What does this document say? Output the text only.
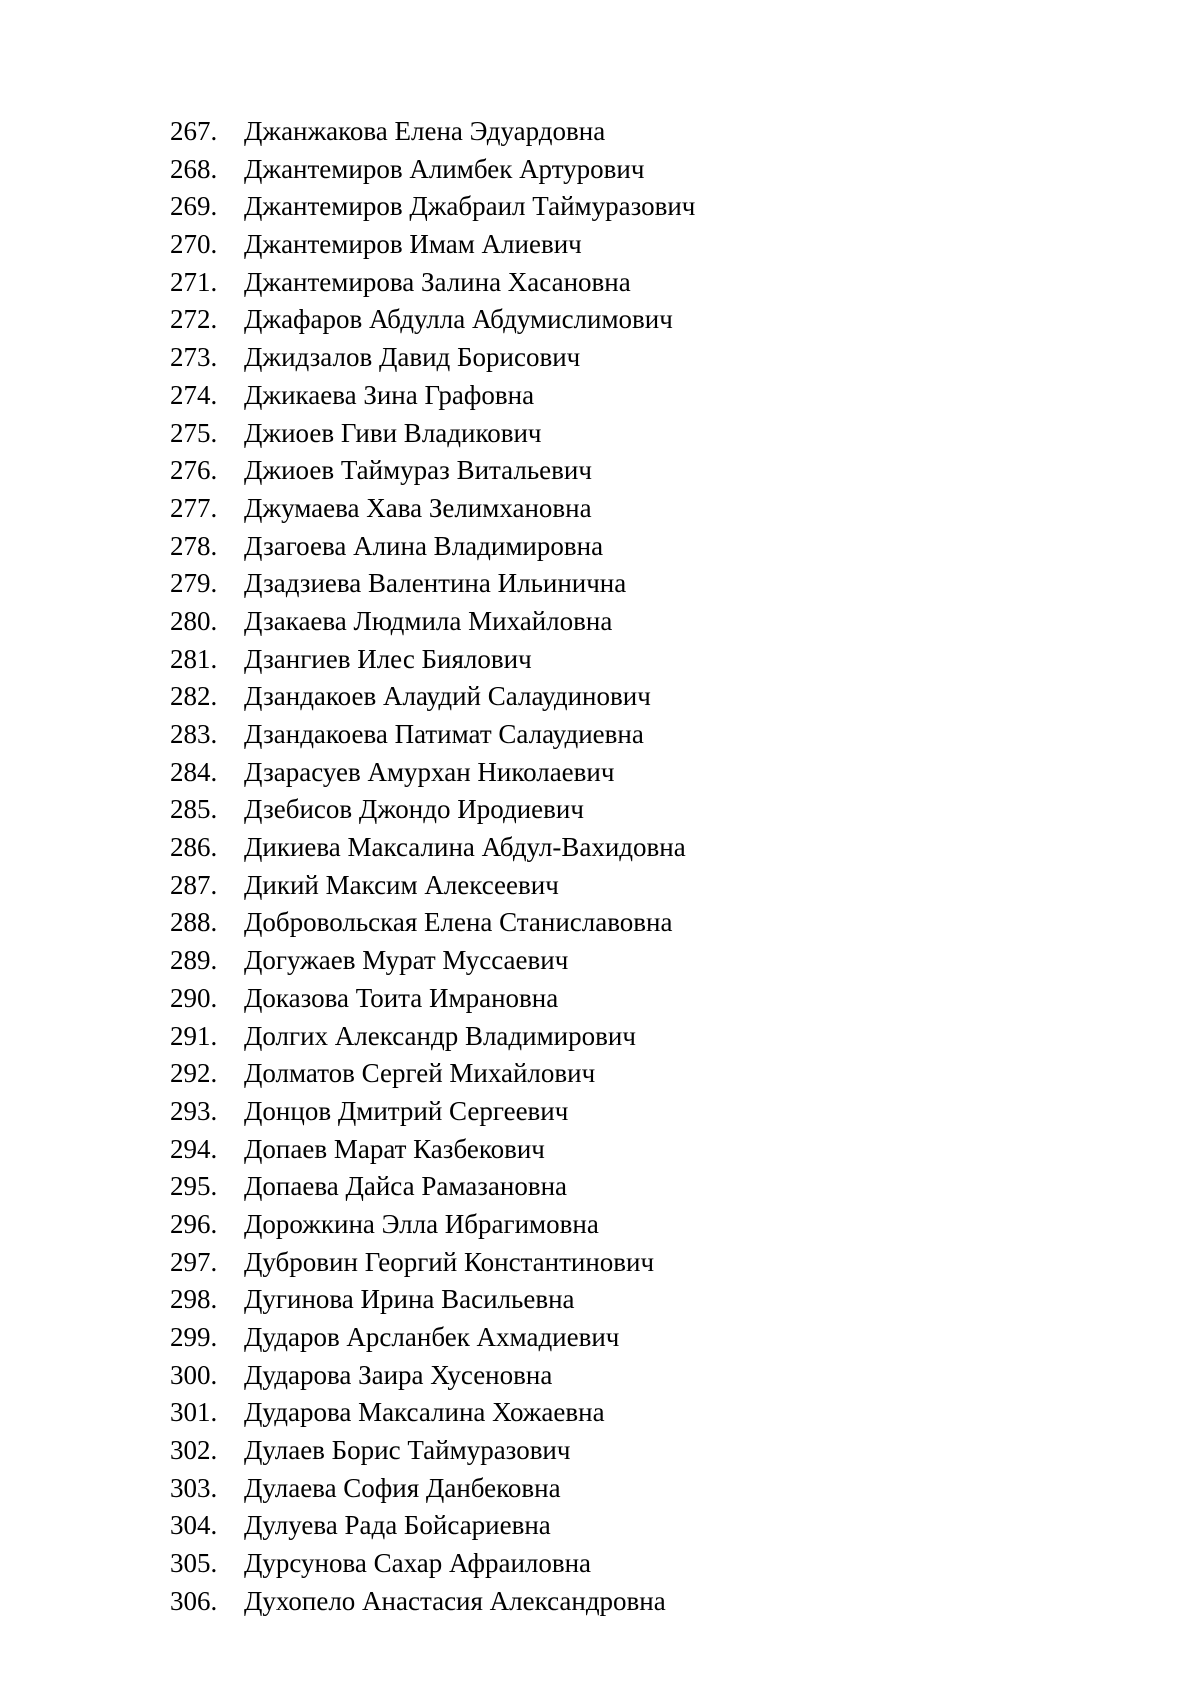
267. Джанжакова Елена Эдуардовна
268. Джантемиров Алимбек Артурович
269. Джантемиров Джабраил Таймуразович
270. Джантемиров Имам Алиевич
271. Джантемирова Залина Хасановна
272. Джафаров Абдулла Абдумислимович
273. Джидзалов Давид Борисович
274. Джикаева Зина Графовна
275. Джиоев Гиви Владикович
276. Джиоев Таймураз Витальевич
277. Джумаева Хава Зелимхановна
278. Дзагоева Алина Владимировна
279. Дзадзиева Валентина Ильинична
280. Дзакаева Людмила Михайловна
281. Дзангиев Илес Биялович
282. Дзандакоев Алаудий Салаудинович
283. Дзандакоева Патимат Салаудиевна
284. Дзарасуев Амурхан Николаевич
285. Дзебисов Джондо Иродиевич
286. Дикиева Максалина Абдул-Вахидовна
287. Дикий Максим Алексеевич
288. Добровольская Елена Станиславовна
289. Догужаев Мурат Муссаевич
290. Доказова Тоита Имрановна
291. Долгих Александр Владимирович
292. Долматов Сергей Михайлович
293. Донцов Дмитрий Сергеевич
294. Допаев Марат Казбекович
295. Допаева Дайса Рамазановна
296. Дорожкина Элла Ибрагимовна
297. Дубровин Георгий Константинович
298. Дугинова Ирина Васильевна
299. Дударов Арсланбек Ахмадиевич
300. Дударова Заира Хусеновна
301. Дударова Максалина Хожаевна
302. Дулаев Борис Таймуразович
303. Дулаева София Данбековна
304. Дулуева Рада Бойсариевна
305. Дурсунова Сахар Афраиловна
306. Духопело Анастасия Александровна
